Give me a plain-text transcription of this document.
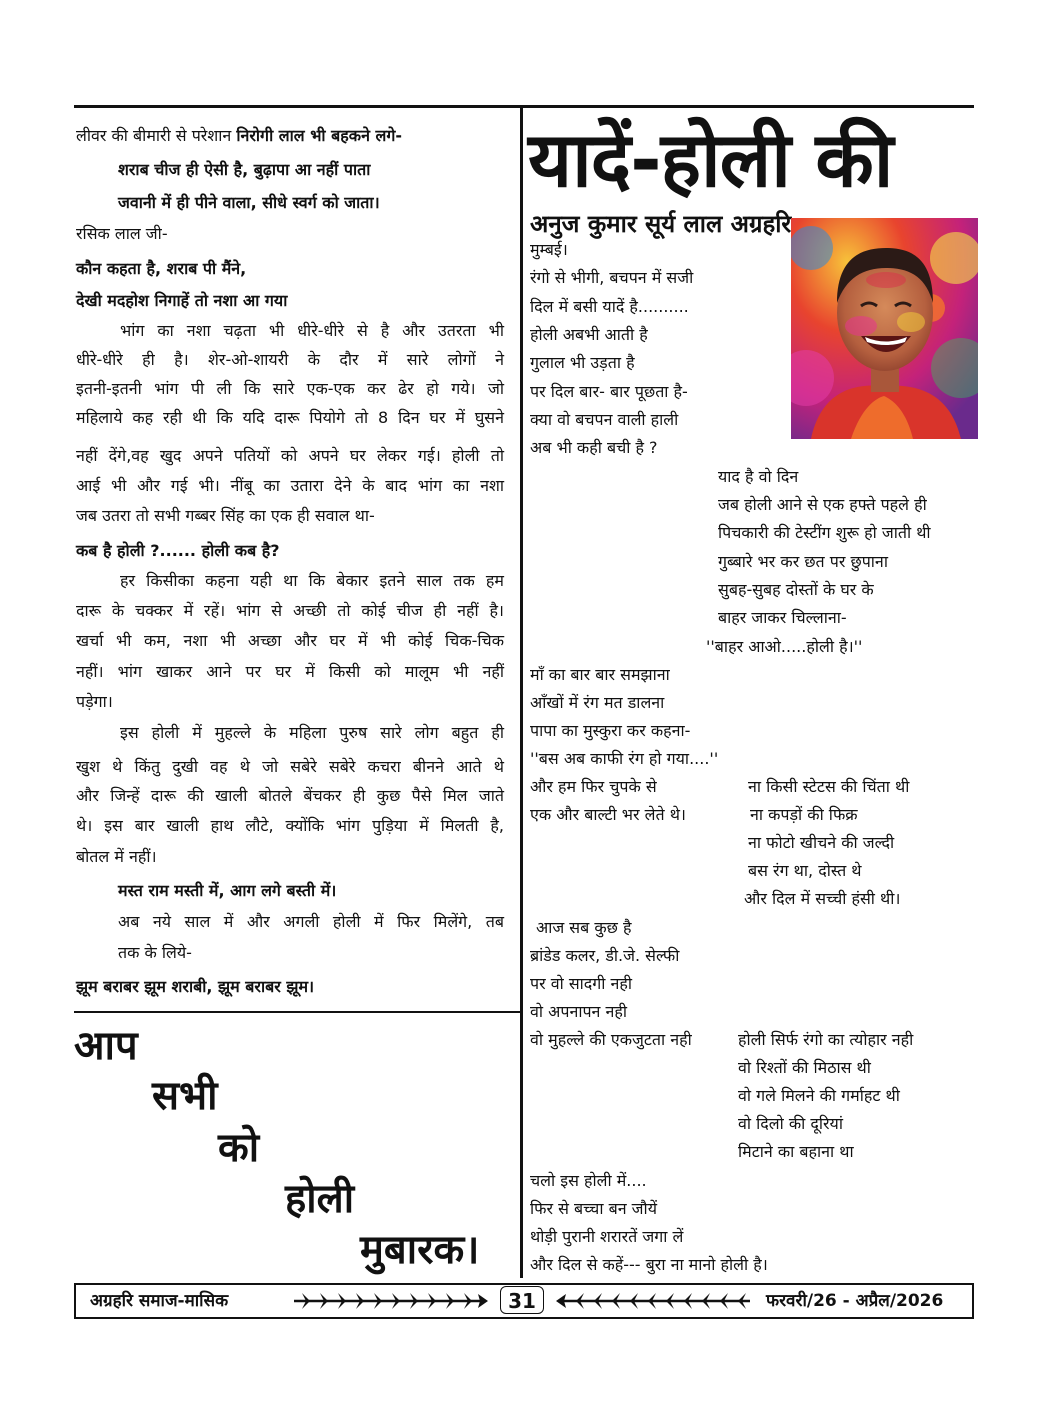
लीवर की बीमारी से परेशान निरोगी लाल भी बहकने लगे-
शराब चीज ही ऐसी है, बुढ़ापा आ नहीं पाता
जवानी में ही पीने वाला, सीधे स्वर्ग को जाता।
रसिक लाल जी-
कौन कहता है, शराब पी मैंने,
देखी मदहोश निगाहें तो नशा आ गया
भांग का नशा चढ़ता भी धीरे-धीरे से है और उतरता भी
धीरे-धीरे ही है। शेर-ओ-शायरी के दौर में सारे लोगों ने
इतनी-इतनी भांग पी ली कि सारे एक-एक कर ढेर हो गये। जो
महिलाये कह रही थी कि यदि दारू पियोगे तो 8 दिन घर में घुसने
नहीं देंगे,वह खुद अपने पतियों को अपने घर लेकर गई। होली तो
आई भी और गई भी। नींबू का उतारा देने के बाद भांग का नशा
जब उतरा तो सभी गब्बर सिंह का एक ही सवाल था-
कब है होली ?...... होली कब है?
हर किसीका कहना यही था कि बेकार इतने साल तक हम
दारू के चक्कर में रहें। भांग से अच्छी तो कोई चीज ही नहीं है।
खर्चा भी कम, नशा भी अच्छा और घर में भी कोई चिक-चिक
नहीं। भांग खाकर आने पर घर में किसी को मालूम भी नहीं
पड़ेगा।
इस होली में मुहल्ले के महिला पुरुष सारे लोग बहुत ही
खुश थे किंतु दुखी वह थे जो सबेरे सबेरे कचरा बीनने आते थे
और जिन्हें दारू की खाली बोतले बेंचकर ही कुछ पैसे मिल जाते
थे। इस बार खाली हाथ लौटे, क्योंकि भांग पुड़िया में मिलती है,
बोतल में नहीं।
मस्त राम मस्ती में, आग लगे बस्ती में।
अब नये साल में और अगली होली में फिर मिलेंगे, तब
तक के लिये-
झूम बराबर झूम शराबी, झूम बराबर झूम।
आप
सभी
को
होली
मुबारक।
यादें-होली की
अनुज कुमार सूर्य लाल अग्रहरि
मुम्बई।
रंगो से भीगी, बचपन में सजी
दिल में बसी यादें है..........
होली अबभी आती है
गुलाल भी उड़ता है
पर दिल बार- बार पूछता है-
क्या वो बचपन वाली हाली
अब भी कही बची है ?
याद है वो दिन
जब होली आने से एक हफ्ते पहले ही
पिचकारी की टेस्टींग शुरू हो जाती थी
गुब्बारे भर कर छत पर छुपाना
सुबह-सुबह दोस्तों के घर के
बाहर जाकर चिल्लाना-
''बाहर आओ.....होली है।''
माँ का बार बार समझाना
आँखों में रंग मत डालना
पापा का मुस्कुरा कर कहना-
''बस अब काफी रंग हो गया....''
और हम फिर चुपके से
एक और बाल्टी भर लेते थे।
ना किसी स्टेटस की चिंता थी
ना कपड़ों की फिक्र
ना फोटो खीचने की जल्दी
बस रंग था, दोस्त थे
और दिल में सच्ची हंसी थी।
आज सब कुछ है
ब्रांडेड कलर, डी.जे. सेल्फी
पर वो सादगी नही
वो अपनापन नही
वो मुहल्ले की एकजुटता नही	होली सिर्फ रंगो का त्योहार नही
वो रिश्तों की मिठास थी
वो गले मिलने की गर्माहट थी
वो दिलो की दूरियां
मिटाने का बहाना था
चलो इस होली में....
फिर से बच्चा बन जौयें
थोड़ी पुरानी शरारतें जगा लें
और दिल से कहें--- बुरा ना मानो होली है।
अग्रहरि समाज-मासिक	31	फरवरी/26 - अप्रैल/2026
